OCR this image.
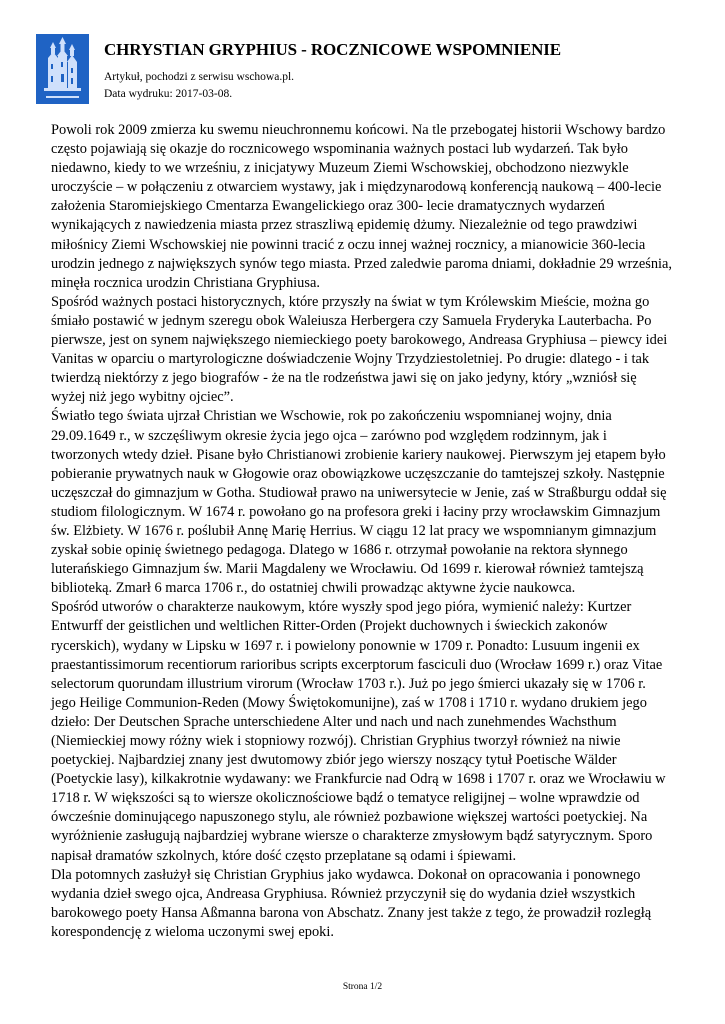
CHRYSTIAN GRYPHIUS - ROCZNICOWE WSPOMNIENIE
Artykuł, pochodzi z serwisu wschowa.pl.
Data wydruku: 2017-03-08.

Powoli rok 2009 zmierza ku swemu nieuchronnemu końcowi. Na tle przebogatej historii Wschowy bardzo często pojawiają się okazje do rocznicowego wspominania ważnych postaci lub wydarzeń. Tak było niedawno, kiedy to we wrześniu, z inicjatywy Muzeum Ziemi Wschowskiej, obchodzono niezwykle uroczyście – w połączeniu z otwarciem wystawy, jak i międzynarodową konferencją naukową – 400-lecie założenia Staromiejskiego Cmentarza Ewangelickiego oraz 300- lecie dramatycznych wydarzeń wynikających z nawiedzenia miasta przez straszliwą epidemię dżumy. Niezależnie od tego prawdziwi miłośnicy Ziemi Wschowskiej nie powinni tracić z oczu innej ważnej rocznicy, a mianowicie 360-lecia urodzin jednego z największych synów tego miasta. Przed zaledwie paroma dniami, dokładnie 29 września, minęła rocznica urodzin Christiana Gryphiusa.

Spośród ważnych postaci historycznych, które przyszły na świat w tym Królewskim Mieście, można go śmiało postawić w jednym szeregu obok Waleiusza Herbergera czy Samuela Fryderyka Lauterbacha. Po pierwsze, jest on synem największego niemieckiego poety barokowego, Andreasa Gryphiusa – piewcy idei Vanitas w oparciu o martyrologiczne doświadczenie Wojny Trzydziestoletniej. Po drugie: dlatego - i tak twierdzą niektórzy z jego biografów - że na tle rodzeństwa jawi się on jako jedyny, który „wzniósł się wyżej niż jego wybitny ojciec”.

Światło tego świata ujrzał Christian we Wschowie, rok po zakończeniu wspomnianej wojny, dnia 29.09.1649 r., w szczęśliwym okresie życia jego ojca – zarówno pod względem rodzinnym, jak i tworzonych wtedy dzieł. Pisane było Christianowi zrobienie kariery naukowej. Pierwszym jej etapem było pobieranie prywatnych nauk w Głogowie oraz obowiązkowe uczęszczanie do tamtejszej szkoły. Następnie uczęszczał do gimnazjum w Gotha. Studiował prawo na uniwersytecie w Jenie, zaś w Straßburgu oddał się studiom filologicznym. W 1674 r. powołano go na profesora greki i łaciny przy wrocławskim Gimnazjum św. Elżbiety. W 1676 r. poślubił Annę Marię Herrius. W ciągu 12 lat pracy we wspomnianym gimnazjum zyskał sobie opinię świetnego pedagoga. Dlatego w 1686 r. otrzymał powołanie na rektora słynnego luterańskiego Gimnazjum św. Marii Magdaleny we Wrocławiu. Od 1699 r. kierował również tamtejszą biblioteką. Zmarł 6 marca 1706 r., do ostatniej chwili prowadząc aktywne życie naukowca.

Spośród utworów o charakterze naukowym, które wyszły spod jego pióra, wymienić należy: Kurtzer Entwurff der geistlichen und weltlichen Ritter-Orden (Projekt duchownych i świeckich zakonów rycerskich), wydany w Lipsku w 1697 r. i powielony ponownie w 1709 r. Ponadto: Lusuum ingenii ex praestantissimorum recentiorum rarioribus scripts excerptorum fasciculi duo (Wrocław 1699 r.) oraz Vitae selectorum quorundam illustrium virorum (Wrocław 1703 r.). Już po jego śmierci ukazały się w 1706 r. jego Heilige Communion-Reden (Mowy Świętokomunijne), zaś w 1708 i 1710 r. wydano drukiem jego dzieło: Der Deutschen Sprache unterschiedene Alter und nach und nach zunehmendes Wachsthum (Niemieckiej mowy różny wiek i stopniowy rozwój). Christian Gryphius tworzył również na niwie poetyckiej. Najbardziej znany jest dwutomowy zbiór jego wierszy noszący tytuł Poetische Wälder (Poetyckie lasy), kilkakrotnie wydawany: we Frankfurcie nad Odrą w 1698 i 1707 r. oraz we Wrocławiu w 1718 r. W większości są to wiersze okolicznościowe bądź o tematyce religijnej – wolne wprawdzie od ówcześnie dominującego napuszonego stylu, ale również pozbawione większej wartości poetyckiej. Na wyróżnienie zasługują najbardziej wybrane wiersze o charakterze zmysłowym bądź satyrycznym. Sporo napisał dramatów szkolnych, które dość często przeplatane są odami i śpiewami.

Dla potomnych zasłużył się Christian Gryphius jako wydawca. Dokonał on opracowania i ponownego wydania dzieł swego ojca, Andreasa Gryphiusa. Również przyczynił się do wydania dzieł wszystkich barokowego poety Hansa Aßmanna barona von Abschatz. Znany jest także z tego, że prowadził rozległą korespondencję z wieloma uczonymi swej epoki.

Strona 1/2
